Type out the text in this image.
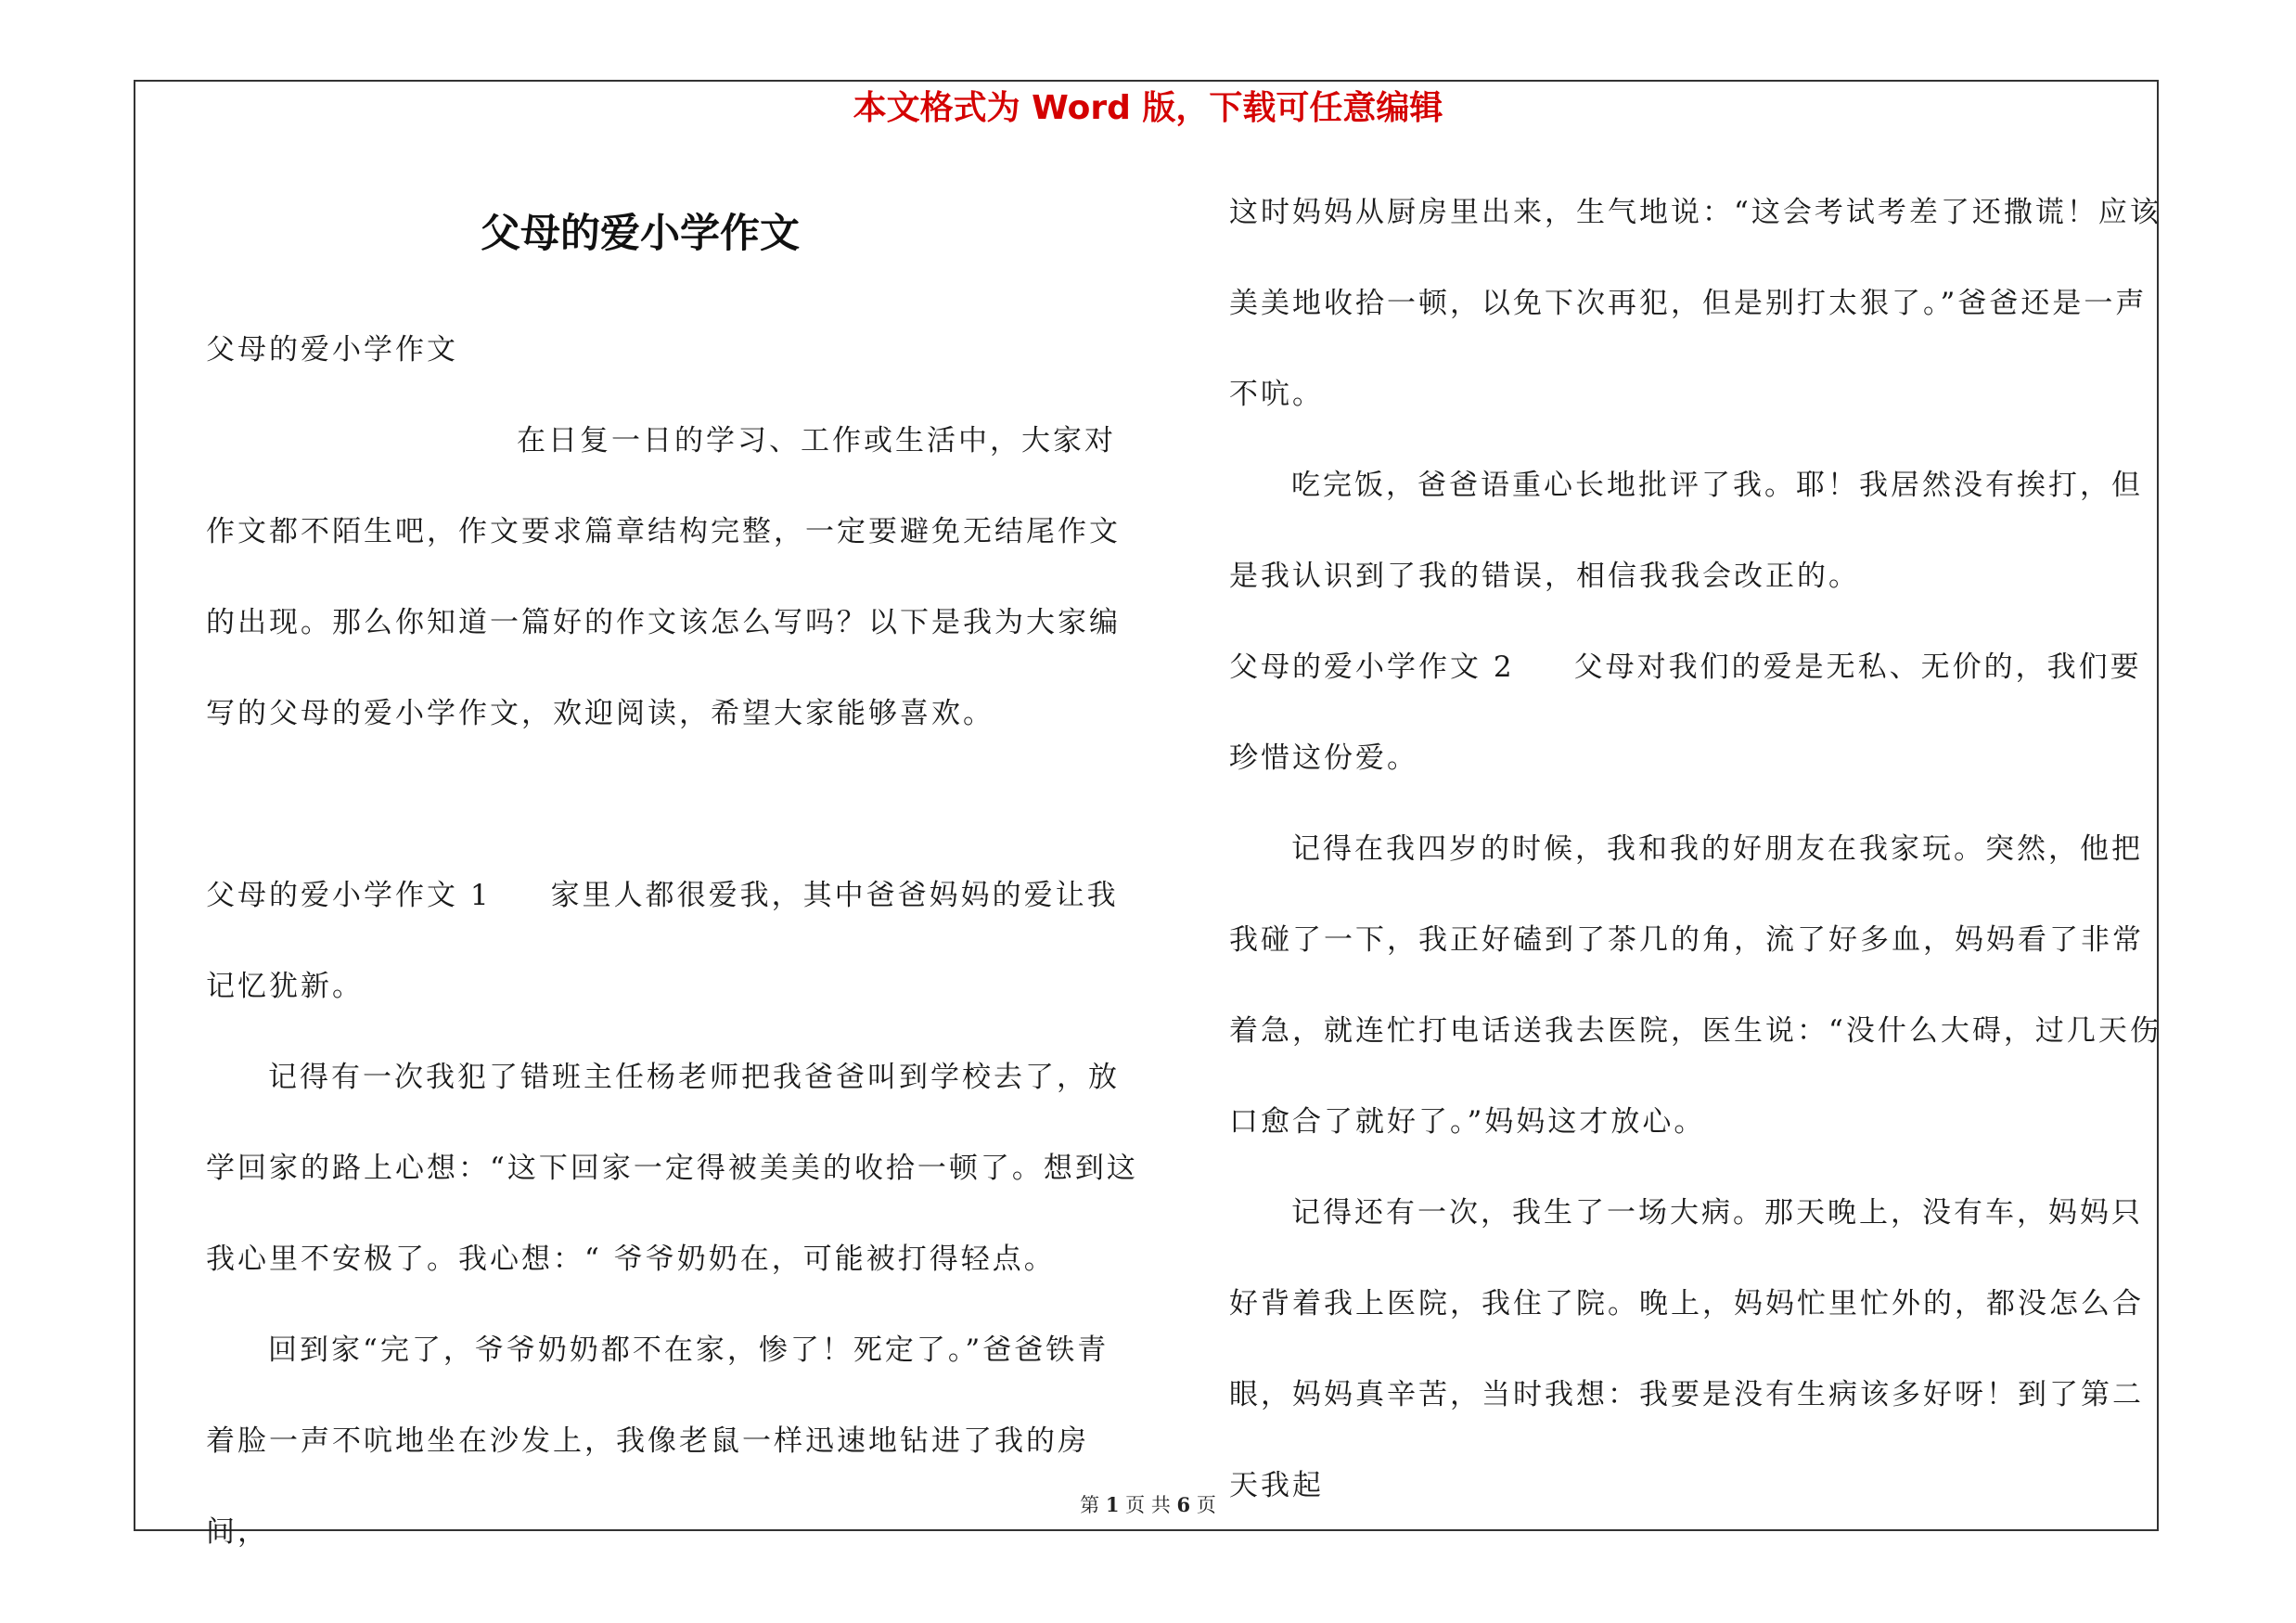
本文格式为 Word 版，下载可任意编辑
父母的爱小学作文

父母的爱小学作文

在日复一日的学习、工作或生活中，大家对作文都不陌生吧，作文要求篇章结构完整，一定要避免无结尾作文的出现。那么你知道一篇好的作文该怎么写吗？以下是我为大家编写的父母的爱小学作文，欢迎阅读，希望大家能够喜欢。

父母的爱小学作文 1 家里人都很爱我，其中爸爸妈妈的爱让我记忆犹新。

记得有一次我犯了错班主任杨老师把我爸爸叫到学校去了，放学回家的路上心想：“这下回家一定得被美美的收拾一顿了。想到这我心里不安极了。我心想：“ 爷爷奶奶在，可能被打得轻点。

回到家“完了，爷爷奶奶都不在家，惨了！死定了。”爸爸铁青着脸一声不吭地坐在沙发上，我像老鼠一样迅速地钻进了我的房间，

这时妈妈从厨房里出来，生气地说：“这会考试考差了还撒谎！应该美美地收拾一顿，以免下次再犯，但是别打太狠了。”爸爸还是一声不吭。

吃完饭，爸爸语重心长地批评了我。耶！我居然没有挨打，但是我认识到了我的错误，相信我我会改正的。

父母的爱小学作文 2 父母对我们的爱是无私、无价的，我们要珍惜这份爱。

记得在我四岁的时候，我和我的好朋友在我家玩。突然，他把我碰了一下，我正好磕到了茶几的角，流了好多血，妈妈看了非常着急，就连忙打电话送我去医院，医生说：“没什么大碍，过几天伤口愈合了就好了。”妈妈这才放心。

记得还有一次，我生了一场大病。那天晚上，没有车，妈妈只好背着我上医院，我住了院。晚上，妈妈忙里忙外的，都没怎么合眼，妈妈真辛苦，当时我想：我要是没有生病该多好呀！到了第二天我起

第 1 页 共 6 页
